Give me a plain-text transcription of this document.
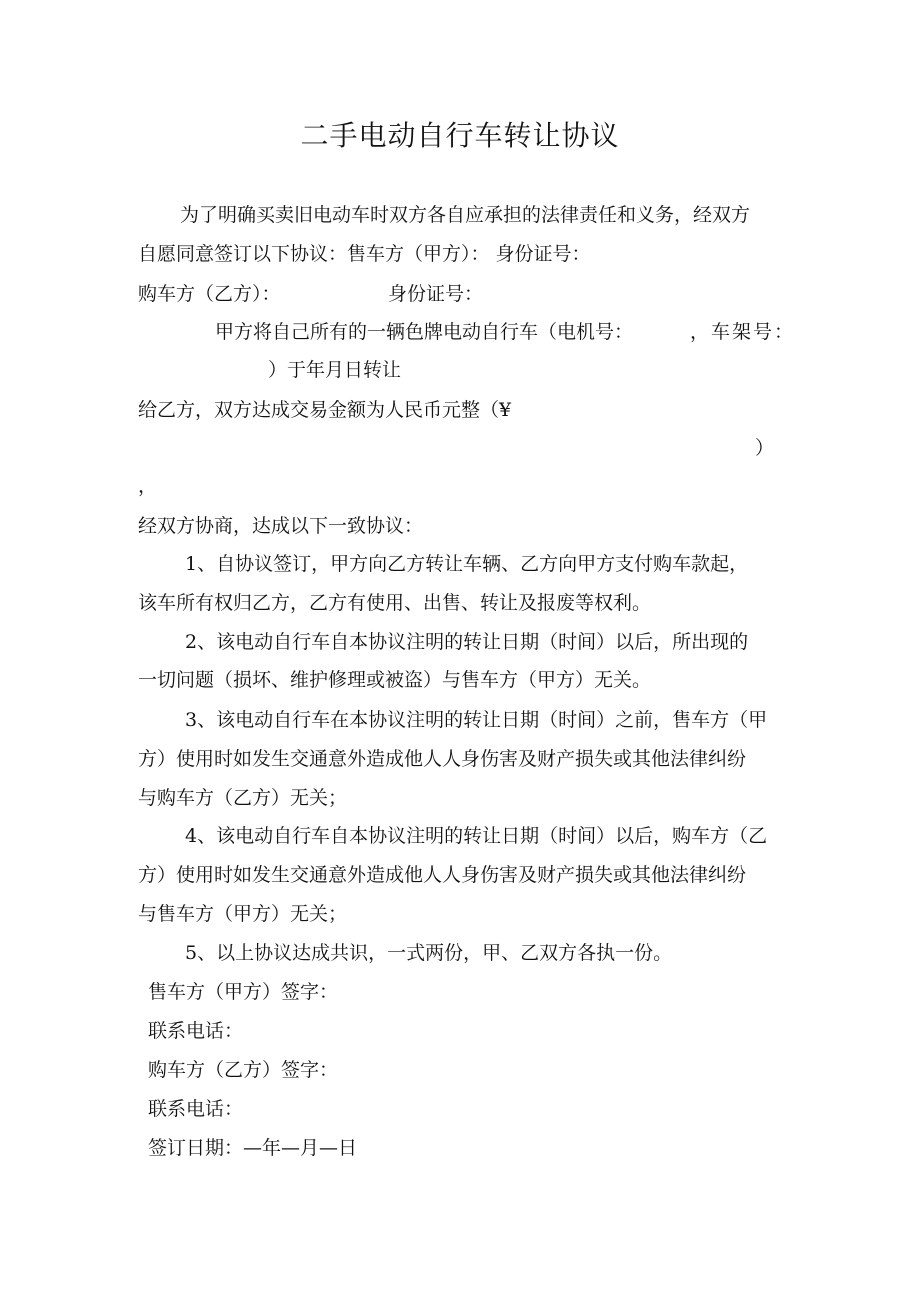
二手电动自行车转让协议
为了明确买卖旧电动车时双方各自应承担的法律责任和义务，经双方
自愿同意签订以下协议：售车方（甲方）： 身份证号：
购车方（乙方）：	身份证号：
甲方将自己所有的一辆色牌电动自行车（电机号：	，车架号：
）于年月日转让
给乙方，双方达成交易金额为人民币元整（¥
）
，
经双方协商，达成以下一致协议：
1、自协议签订，甲方向乙方转让车辆、乙方向甲方支付购车款起，
该车所有权归乙方，乙方有使用、出售、转让及报废等权利。
2、该电动自行车自本协议注明的转让日期（时间）以后，所出现的
一切问题（损坏、维护修理或被盗）与售车方（甲方）无关。
3、该电动自行车在本协议注明的转让日期（时间）之前，售车方（甲
方）使用时如发生交通意外造成他人人身伤害及财产损失或其他法律纠纷
与购车方（乙方）无关；
4、该电动自行车自本协议注明的转让日期（时间）以后，购车方（乙
方）使用时如发生交通意外造成他人人身伤害及财产损失或其他法律纠纷
与售车方（甲方）无关；
5、以上协议达成共识，一式两份，甲、乙双方各执一份。
售车方（甲方）签字：
联系电话：
购车方（乙方）签字：
联系电话：
签订日期：—年—月—日
